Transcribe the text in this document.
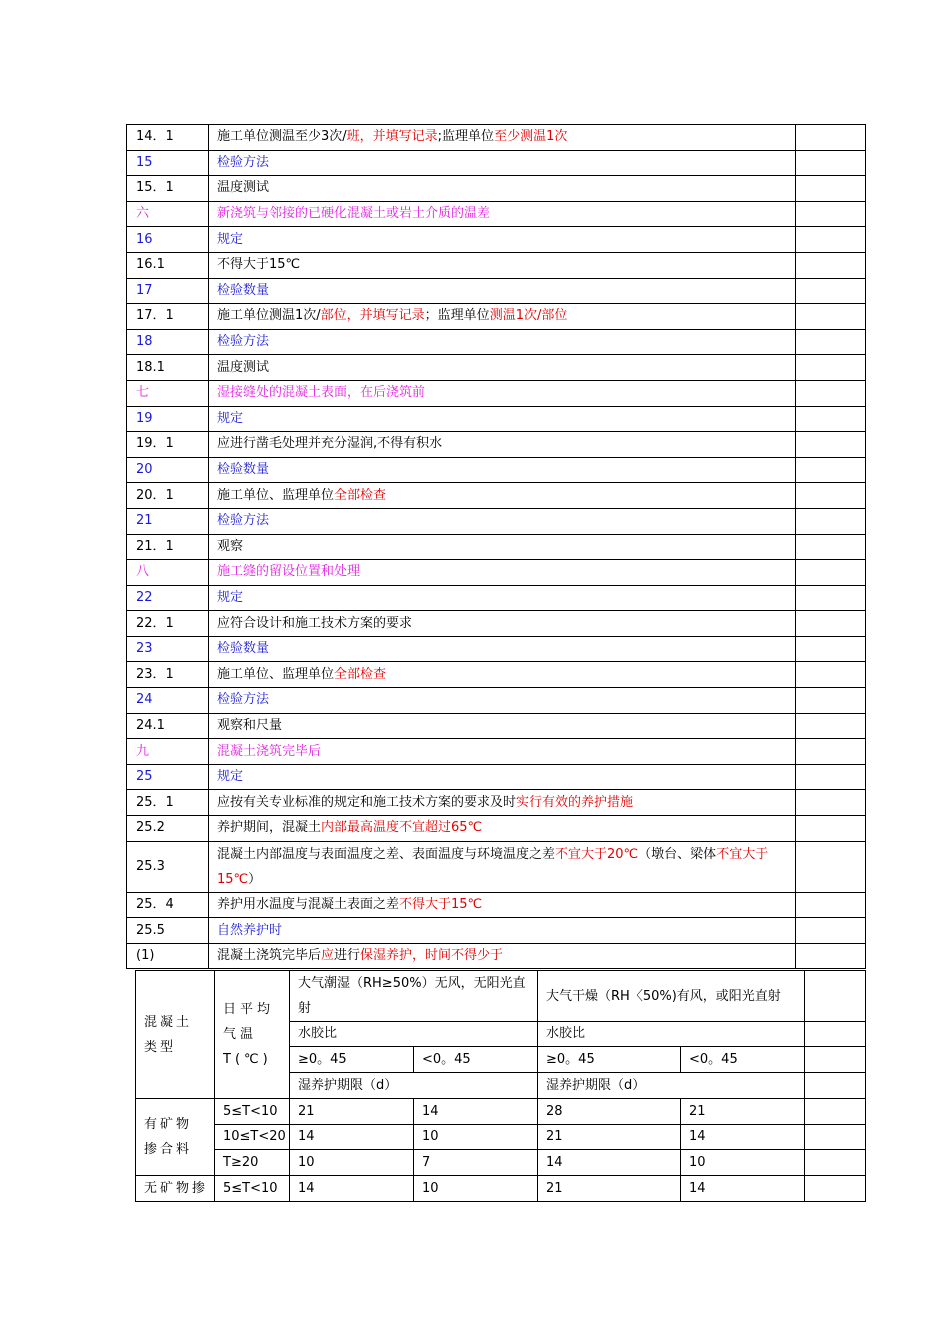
14．1	施工单位测温至少3次/班，并填写记录;监理单位至少测温1次	
15	检验方法	
15．1	温度测试	
六	新浇筑与邻接的已硬化混凝土或岩土介质的温差	
16	规定	
16.1	不得大于15℃	
17	检验数量	
17．1	施工单位测温1次/部位，并填写记录；监理单位测温1次/部位	
18	检验方法	
18.1	温度测试	
七	湿接缝处的混凝土表面，在后浇筑前	
19	规定	
19．1	应进行凿毛处理并充分湿润,不得有积水	
20	检验数量	
20．1	施工单位、监理单位全部检查	
21	检验方法	
21．1	观察	
八	施工缝的留设位置和处理	
22	规定	
22．1	应符合设计和施工技术方案的要求	
23	检验数量	
23．1	施工单位、监理单位全部检查	
24	检验方法	
24.1	观察和尺量	
九	混凝土浇筑完毕后	
25	规定	
25．1	应按有关专业标准的规定和施工技术方案的要求及时实行有效的养护措施	
25.2	养护期间，混凝土内部最高温度不宜超过65℃	
25.3	混凝土内部温度与表面温度之差、表面温度与环境温度之差不宜大于20℃（墩台、梁体不宜大于15℃）	
25．4	养护用水温度与混凝土表面之差不得大于15℃	
25.5	自然养护时	
(1)	混凝土浇筑完毕后应进行保湿养护，时间不得少于	
混凝土类型	日平均气温T(℃)	大气潮湿（RH≥50%）无风，无阳光直射		大气干燥（RH〈50%)有风，或阳光直射		
		水胶比		水胶比		
		≥0。45	<0。45	≥0。45	<0。45	
		湿养护期限（d）		湿养护期限（d）		
有矿物掺合料	5≤T<10	21	14	28	21	
	10≤T<20	14	10	21	14	
	T≥20	10	7	14	10	
无矿物掺	5≤T<10	14	10	21	14	
